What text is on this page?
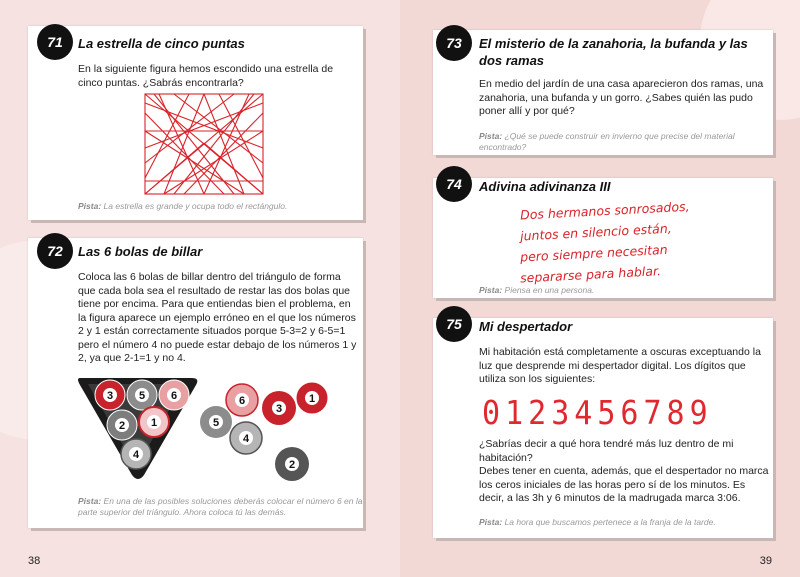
71	La estrella de cinco puntas
En la siguiente figura hemos escondido una estrella de cinco puntas. ¿Sabrás encontrarla?
Pista: La estrella es grande y ocupa todo el rectángulo.
72	Las 6 bolas de billar
Coloca las 6 bolas de billar dentro del triángulo de forma que cada bola sea el resultado de restar las dos bolas que tiene por encima. Para que entiendas bien el problema, en la figura aparece un ejemplo erróneo en el que los números 2 y 1 están correctamente situados porque 5-3=2 y 6-5=1 pero el número 4 no puede estar debajo de los números 1 y 2, ya que 2-1=1 y no 4.
3 5 6
1
2
4
6
3
1
5
4
2
Pista: En una de las posibles soluciones deberás colocar el número 6 en la parte superior del triángulo. Ahora coloca tú las demás.
38
73	El misterio de la zanahoria, la bufanda y las dos ramas
En medio del jardín de una casa aparecieron dos ramas, una zanahoria, una bufanda y un gorro. ¿Sabes quién las pudo poner allí y por qué?
Pista: ¿Qué se puede construir en invierno que precise del material encontrado?
74	Adivina adivinanza III
Dos hermanos sonrosados,
juntos en silencio están,
pero siempre necesitan
separarse para hablar.
Pista: Piensa en una persona.
75	Mi despertador
Mi habitación está completamente a oscuras exceptuando la luz que desprende mi despertador digital. Los dígitos que utiliza son los siguientes:
0 1 2 3 4 5 6 7 8 9
¿Sabrías decir a qué hora tendré más luz dentro de mi habitación?
Debes tener en cuenta, además, que el despertador no marca los ceros iniciales de las horas pero sí de los minutos. Es decir, a las 3h y 6 minutos de la madrugada marca 3:06.
Pista: La hora que buscamos pertenece a la franja de la tarde.
39
